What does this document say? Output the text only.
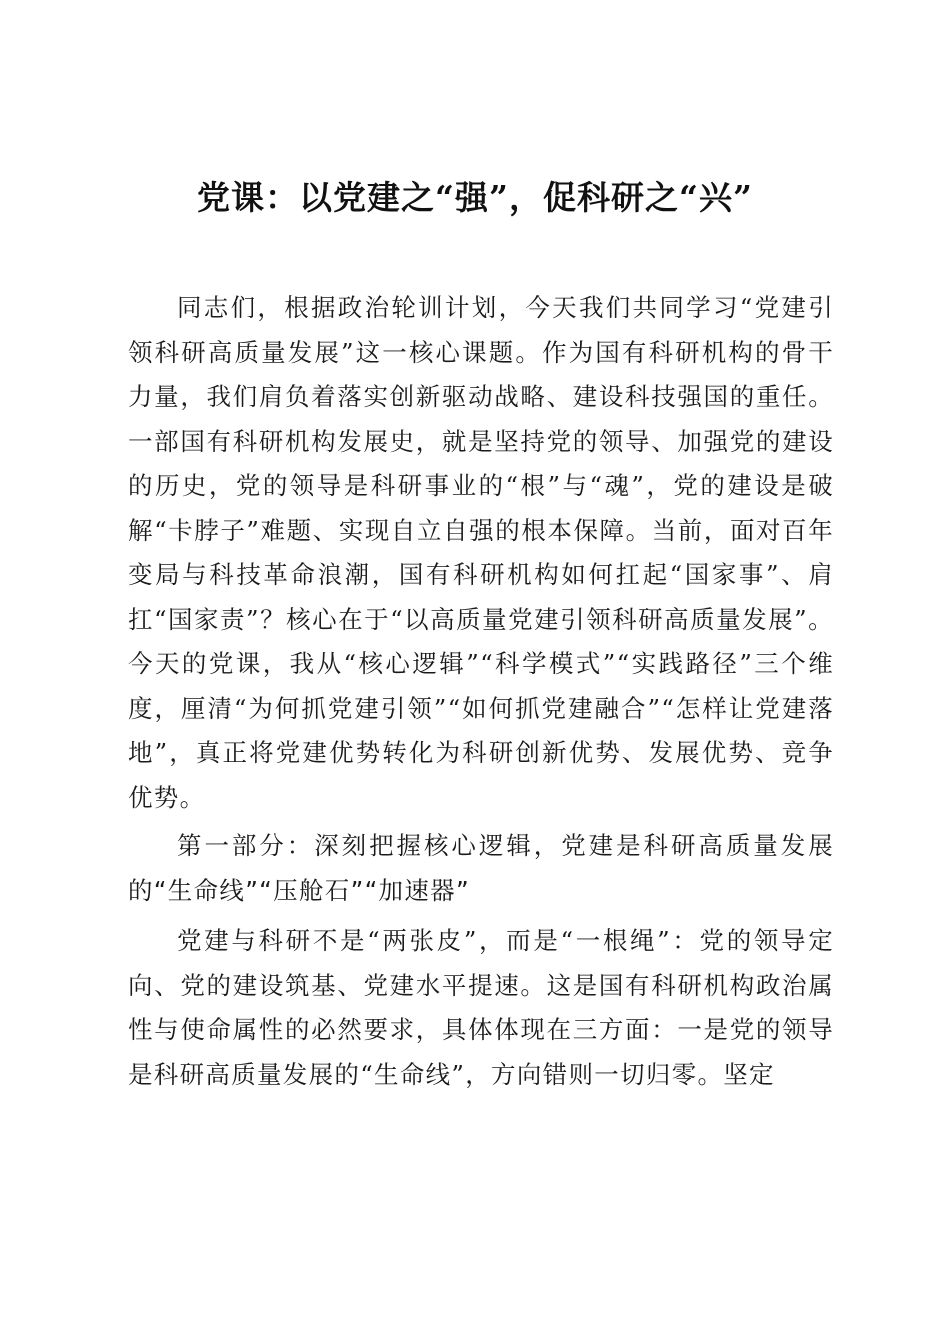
党课：以党建之“强”，促科研之“兴”

同志们，根据政治轮训计划，今天我们共同学习“党建引领科研高质量发展”这一核心课题。作为国有科研机构的骨干力量，我们肩负着落实创新驱动战略、建设科技强国的重任。一部国有科研机构发展史，就是坚持党的领导、加强党的建设的历史，党的领导是科研事业的“根”与“魂”，党的建设是破解“卡脖子”难题、实现自立自强的根本保障。当前，面对百年变局与科技革命浪潮，国有科研机构如何扛起“国家事”、肩扛“国家责”？核心在于“以高质量党建引领科研高质量发展”。今天的党课，我从“核心逻辑”“科学模式”“实践路径”三个维度，厘清“为何抓党建引领”“如何抓党建融合”“怎样让党建落地”，真正将党建优势转化为科研创新优势、发展优势、竞争优势。

第一部分：深刻把握核心逻辑，党建是科研高质量发展的“生命线”“压舱石”“加速器”

党建与科研不是“两张皮”，而是“一根绳”：党的领导定向、党的建设筑基、党建水平提速。这是国有科研机构政治属性与使命属性的必然要求，具体体现在三方面：一是党的领导是科研高质量发展的“生命线”，方向错则一切归零。坚定
